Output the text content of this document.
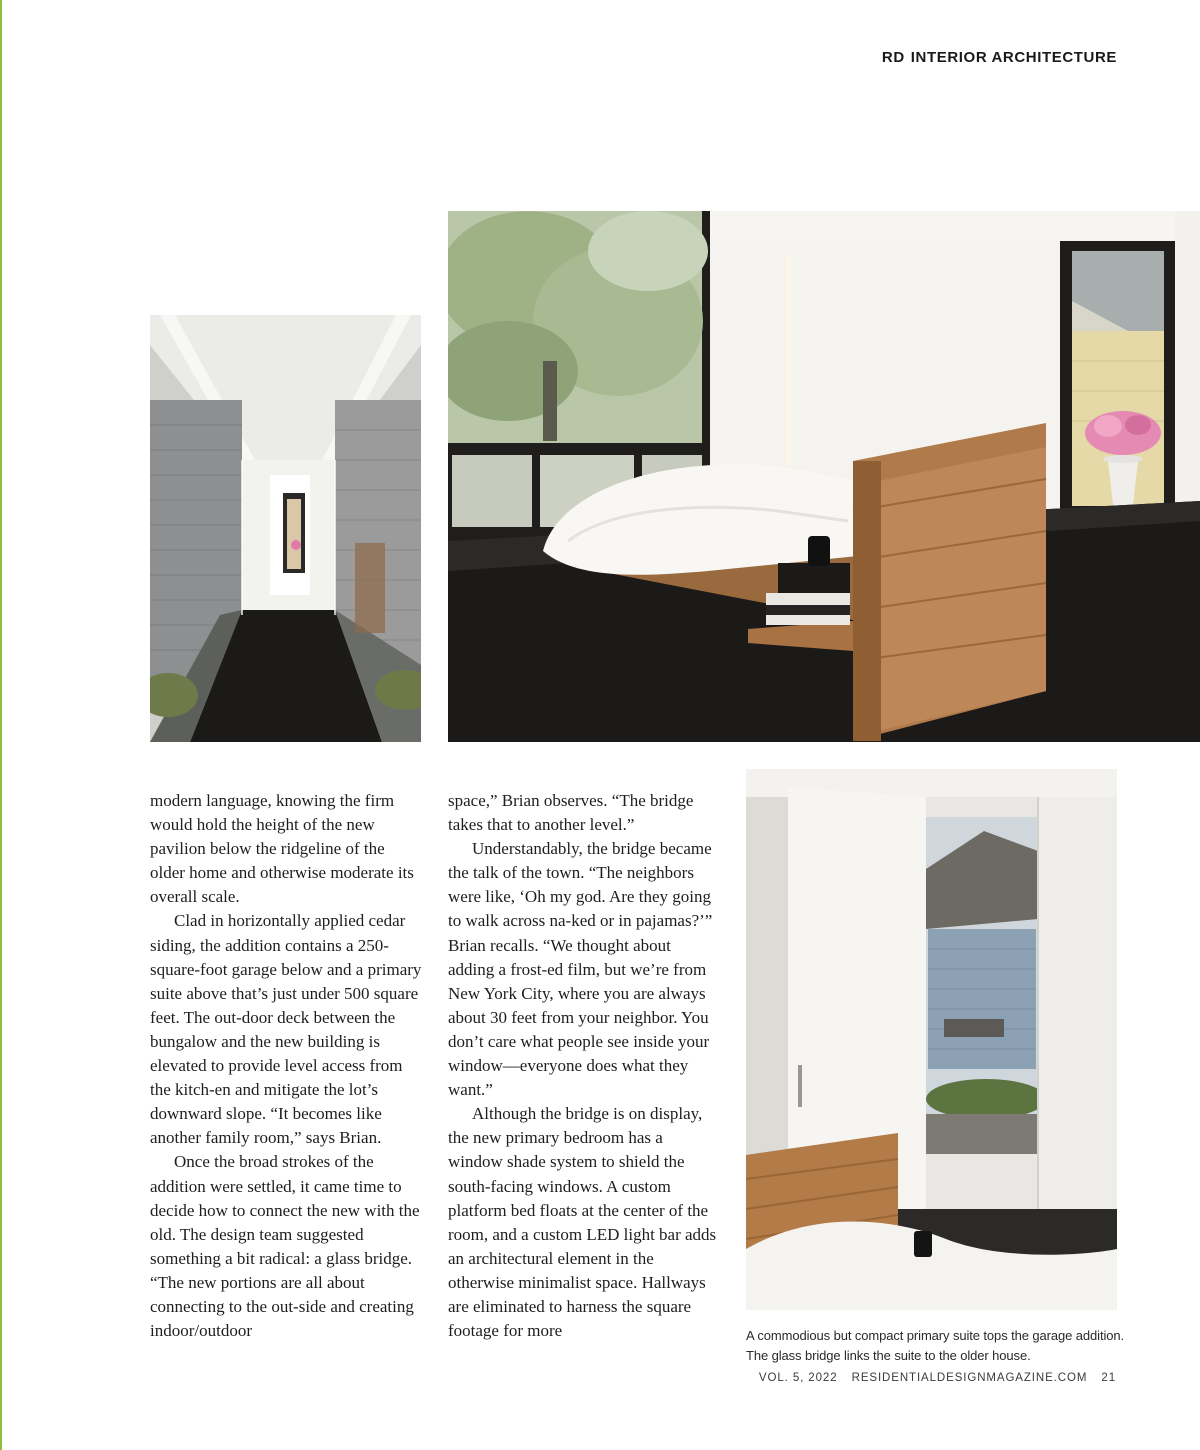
RD INTERIOR ARCHITECTURE

modern language, knowing the firm would hold the height of the new pavilion below the ridgeline of the older home and otherwise moderate its overall scale.

Clad in horizontally applied cedar siding, the addition contains a 250-square-foot garage below and a primary suite above that’s just under 500 square feet. The out-door deck between the bungalow and the new building is elevated to provide level access from the kitch-en and mitigate the lot’s downward slope. “It becomes like another family room,” says Brian.

Once the broad strokes of the addition were settled, it came time to decide how to connect the new with the old. The design team suggested something a bit radical: a glass bridge. “The new portions are all about connecting to the out-side and creating indoor/outdoor

space,” Brian observes. “The bridge takes that to another level.”

Understandably, the bridge became the talk of the town. “The neighbors were like, ‘Oh my god. Are they going to walk across na-ked or in pajamas?’” Brian recalls. “We thought about adding a frost-ed film, but we’re from New York City, where you are always about 30 feet from your neighbor. You don’t care what people see inside your window—everyone does what they want.”

Although the bridge is on display, the new primary bedroom has a window shade system to shield the south-facing windows. A custom platform bed floats at the center of the room, and a custom LED light bar adds an architectural element in the otherwise minimalist space. Hallways are eliminated to harness the square footage for more	A commodious but compact primary suite tops the garage addition. The glass bridge links the suite to the older house.
VOL. 5, 2022 RESIDENTIALDESIGNMAGAZINE.COM 21
